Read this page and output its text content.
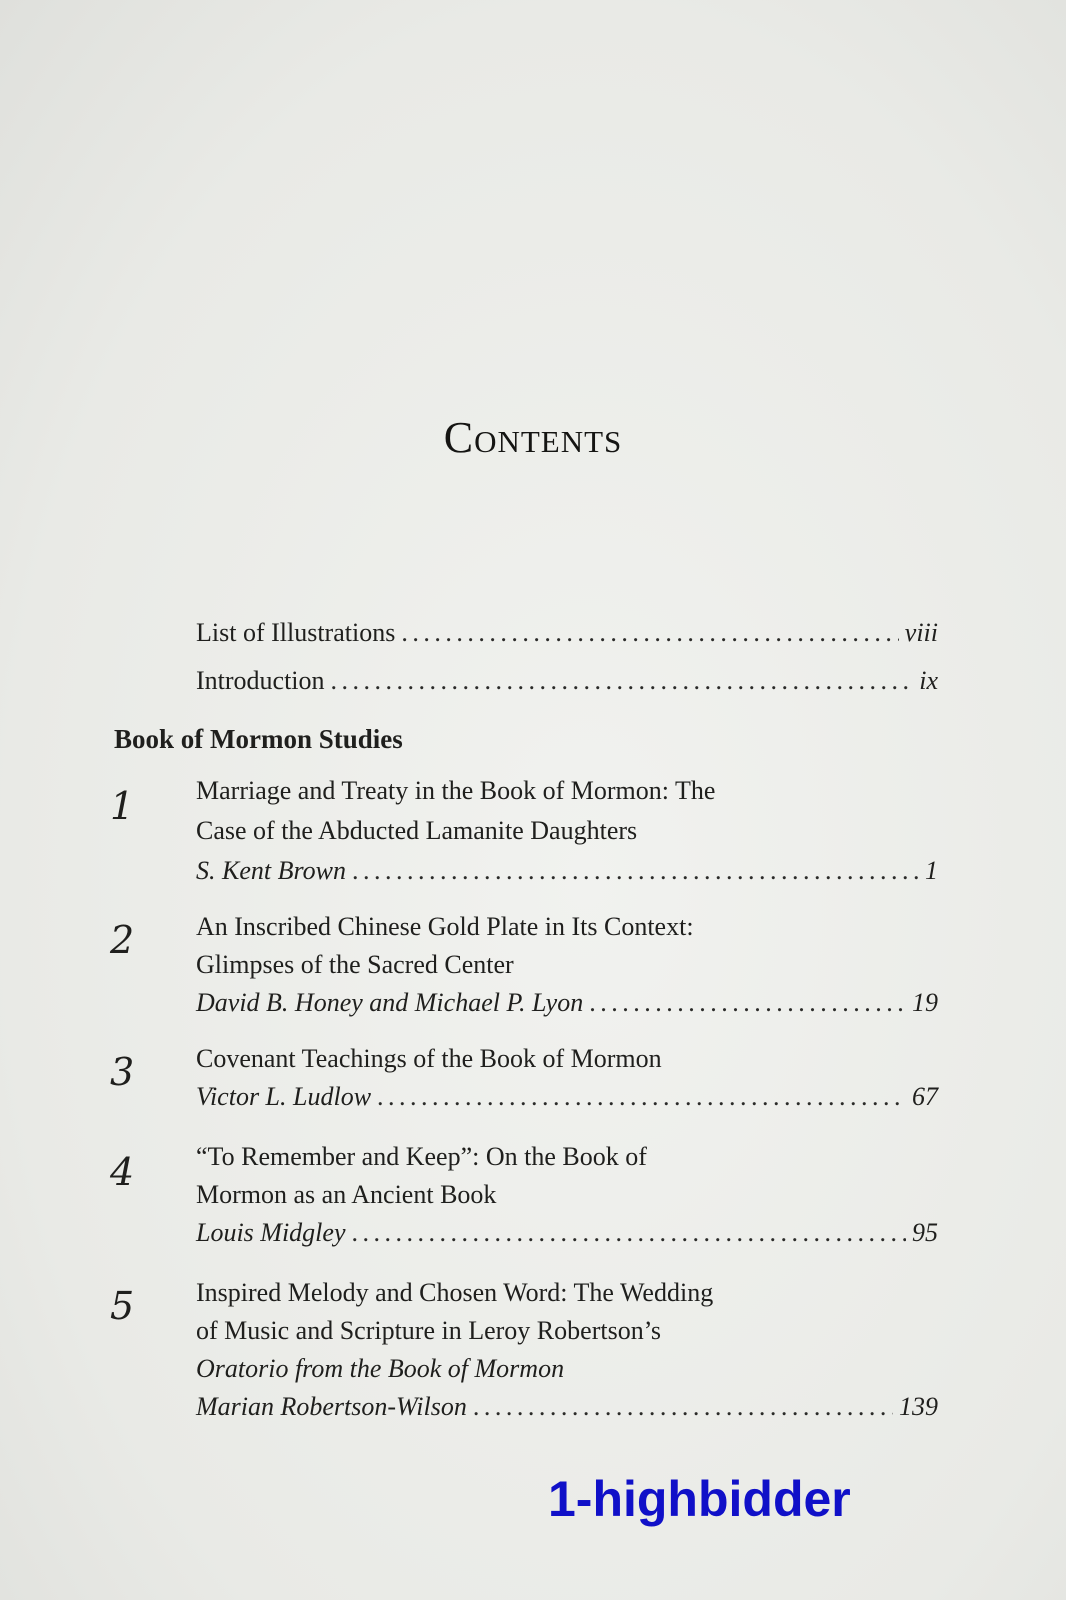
Contents
List of Illustrations . . .	viii
Introduction . . .	ix
Book of Mormon Studies
1 Marriage and Treaty in the Book of Mormon: The
Case of the Abducted Lamanite Daughters
S. Kent Brown . . .	1
2 An Inscribed Chinese Gold Plate in Its Context:
Glimpses of the Sacred Center
David B. Honey and Michael P. Lyon . . .	19
3 Covenant Teachings of the Book of Mormon
Victor L. Ludlow . . .	67
4 “To Remember and Keep”: On the Book of
Mormon as an Ancient Book
Louis Midgley . . .	95
5 Inspired Melody and Chosen Word: The Wedding
of Music and Scripture in Leroy Robertson’s
Oratorio from the Book of Mormon
Marian Robertson-Wilson . . .	139
1-highbidder
